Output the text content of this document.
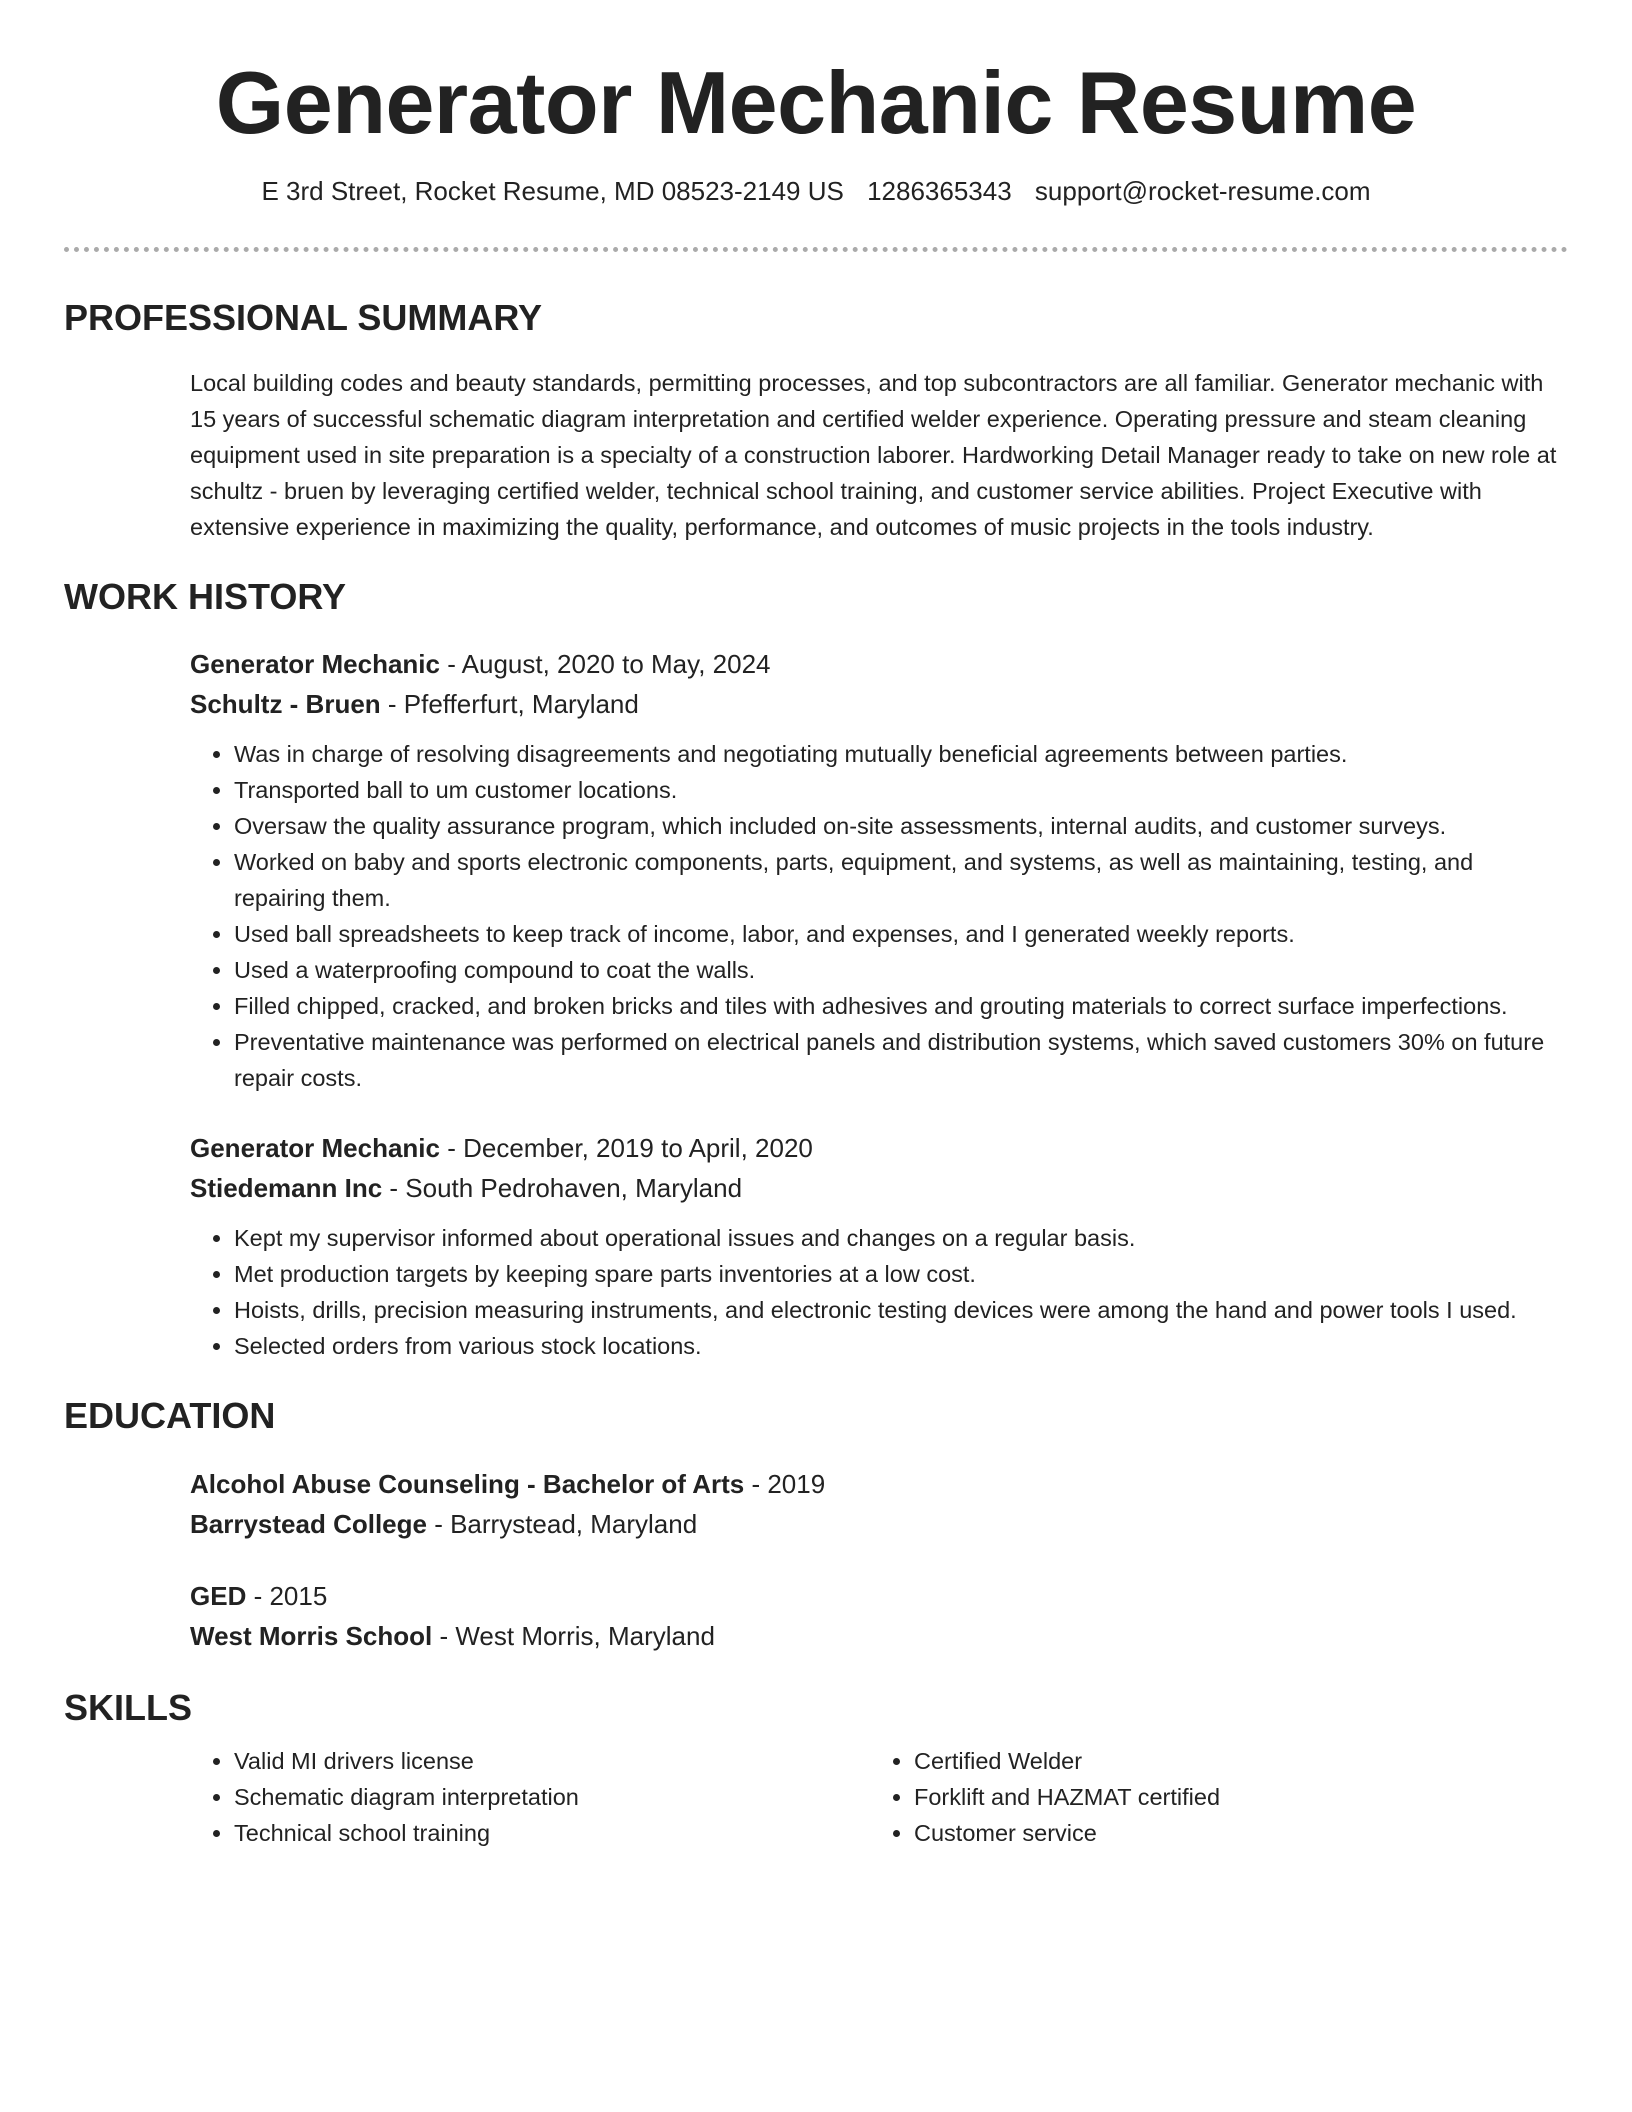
Generator Mechanic Resume
E 3rd Street, Rocket Resume, MD 08523-2149 US 1286365343 support@rocket-resume.com
PROFESSIONAL SUMMARY

Local building codes and beauty standards, permitting processes, and top subcontractors are all familiar. Generator mechanic with 15 years of successful schematic diagram interpretation and certified welder experience. Operating pressure and steam cleaning equipment used in site preparation is a specialty of a construction laborer. Hardworking Detail Manager ready to take on new role at schultz - bruen by leveraging certified welder, technical school training, and customer service abilities. Project Executive with extensive experience in maximizing the quality, performance, and outcomes of music projects in the tools industry.

WORK HISTORY
Generator Mechanic - August, 2020 to May, 2024
Schultz - Bruen - Pfefferfurt, Maryland
• Was in charge of resolving disagreements and negotiating mutually beneficial agreements between parties.
• Transported ball to um customer locations.
• Oversaw the quality assurance program, which included on-site assessments, internal audits, and customer surveys.
• Worked on baby and sports electronic components, parts, equipment, and systems, as well as maintaining, testing, and repairing them.
• Used ball spreadsheets to keep track of income, labor, and expenses, and I generated weekly reports.
• Used a waterproofing compound to coat the walls.
• Filled chipped, cracked, and broken bricks and tiles with adhesives and grouting materials to correct surface imperfections.
• Preventative maintenance was performed on electrical panels and distribution systems, which saved customers 30% on future repair costs.
Generator Mechanic - December, 2019 to April, 2020
Stiedemann Inc - South Pedrohaven, Maryland
• Kept my supervisor informed about operational issues and changes on a regular basis.
• Met production targets by keeping spare parts inventories at a low cost.
• Hoists, drills, precision measuring instruments, and electronic testing devices were among the hand and power tools I used.
• Selected orders from various stock locations.
EDUCATION
Alcohol Abuse Counseling - Bachelor of Arts - 2019
Barrystead College - Barrystead, Maryland
GED - 2015
West Morris School - West Morris, Maryland
SKILLS
• Valid MI drivers license
• Schematic diagram interpretation
• Technical school training
• Certified Welder
• Forklift and HAZMAT certified
• Customer service
